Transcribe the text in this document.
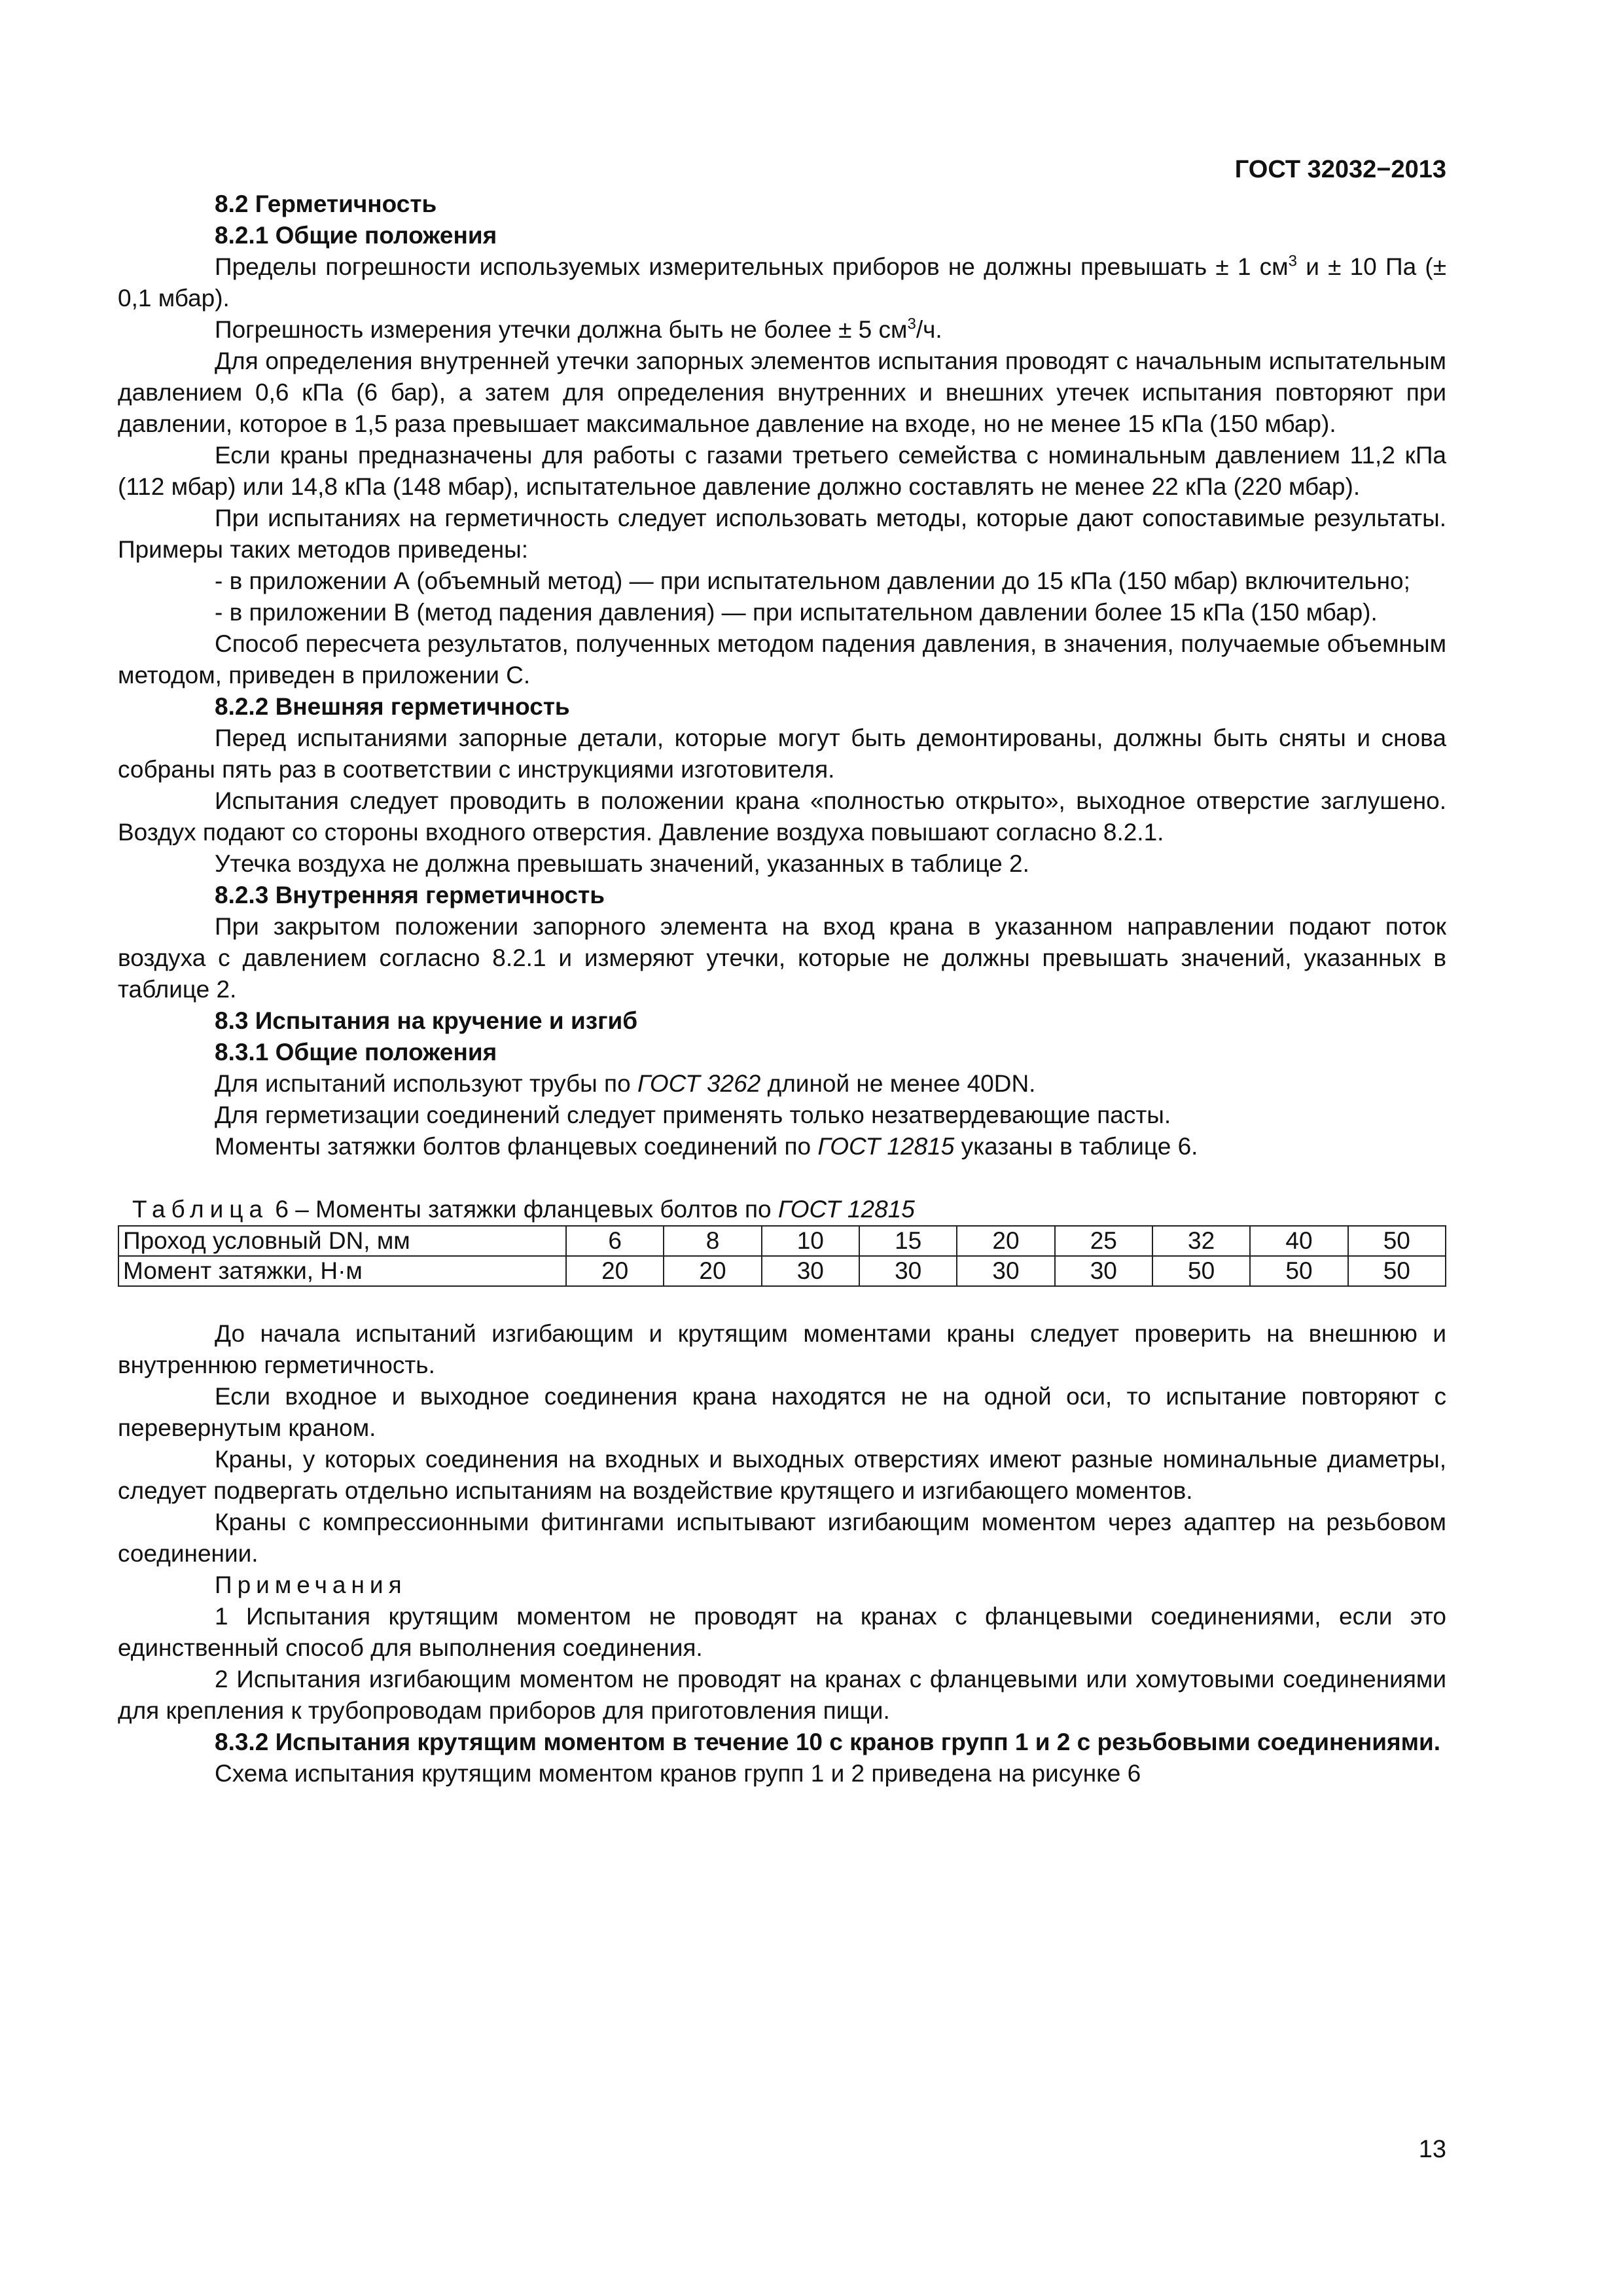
ГОСТ 32032−2013
8.2 Герметичность
8.2.1 Общие положения

Пределы погрешности используемых измерительных приборов не должны превышать ± 1 $см^3$ и ± 10 Па (± 0,1 мбар).

Погрешность измерения утечки должна быть не более ± 5 $см^3/ч$.

Для определения внутренней утечки запорных элементов испытания проводят с начальным испытательным давлением 0,6 кПа (6 бар), а затем для определения внутренних и внешних утечек испытания повторяют при давлении, которое в 1,5 раза превышает максимальное давление на входе, но не менее 15 кПа (150 мбар).

Если краны предназначены для работы с газами третьего семейства с номинальным давлением 11,2 кПа (112 мбар) или 14,8 кПа (148 мбар), испытательное давление должно составлять не менее 22 кПа (220 мбар).

При испытаниях на герметичность следует использовать методы, которые дают сопоставимые результаты. Примеры таких методов приведены:

- в приложении А (объемный метод) — при испытательном давлении до 15 кПа (150 мбар) включительно;

- в приложении В (метод падения давления) — при испытательном давлении более 15 кПа (150 мбар).

Способ пересчета результатов, полученных методом падения давления, в значения, получаемые объемным методом, приведен в приложении С.

8.2.2 Внешняя герметичность

Перед испытаниями запорные детали, которые могут быть демонтированы, должны быть сняты и снова собраны пять раз в соответствии с инструкциями изготовителя.

Испытания следует проводить в положении крана «полностью открыто», выходное отверстие заглушено. Воздух подают со стороны входного отверстия. Давление воздуха повышают согласно 8.2.1.

Утечка воздуха не должна превышать значений, указанных в таблице 2.

8.2.3 Внутренняя герметичность

При закрытом положении запорного элемента на вход крана в указанном направлении подают поток воздуха с давлением согласно 8.2.1 и измеряют утечки, которые не должны превышать значений, указанных в таблице 2.

8.3 Испытания на кручение и изгиб
8.3.1 Общие положения

Для испытаний используют трубы по ГОСТ 3262 длиной не менее 40DN.

Для герметизации соединений следует применять только незатвердевающие пасты.

Моменты затяжки болтов фланцевых соединений по ГОСТ 12815 указаны в таблице 6.

Таблица 6 – Моменты затяжки фланцевых болтов по ГОСТ 12815
Проход условный DN, мм	6	8	10	15	20	25	32	40	50
Момент затяжки, Н·м	20	20	30	30	30	30	50	50	50

До начала испытаний изгибающим и крутящим моментами краны следует проверить на внешнюю и внутреннюю герметичность.

Если входное и выходное соединения крана находятся не на одной оси, то испытание повторяют с перевернутым краном.

Краны, у которых соединения на входных и выходных отверстиях имеют разные номинальные диаметры, следует подвергать отдельно испытаниям на воздействие крутящего и изгибающего моментов.

Краны с компрессионными фитингами испытывают изгибающим моментом через адаптер на резьбовом соединении.

Примечания

1 Испытания крутящим моментом не проводят на кранах с фланцевыми соединениями, если это единственный способ для выполнения соединения.

2 Испытания изгибающим моментом не проводят на кранах с фланцевыми или хомутовыми соединениями для крепления к трубопроводам приборов для приготовления пищи.

8.3.2 Испытания крутящим моментом в течение 10 с кранов групп 1 и 2 с резьбовыми соединениями.

Схема испытания крутящим моментом кранов групп 1 и 2 приведена на рисунке 6

13
